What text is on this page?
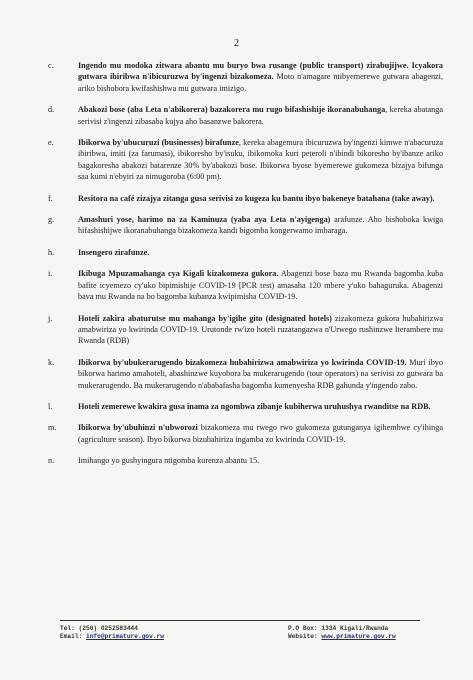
2
c.	Ingendo mu modoka zitwara abantu mu buryo bwa rusange (public transport) zirabujijwe. Icyakora gutwara ibiribwa n'ibicuruzwa by'ingenzi bizakomeza. Moto n'amagare ntibyemerewe gutwara abagenzi, ariko bishobora kwifashishwa mu gutwara imizigo.
d.	Abakozi bose (aba Leta n'abikorera) bazakorera mu rugo bifashishije ikoranabuhanga, kereka abatanga serivisi z'ingenzi zibasaba kujya aho basanzwe bakorera.
e.	Ibikorwa by'ubucuruzi (businesses) birafunze, kereka abagemura ibicuruzwa by'ingenzi kimwe n'abacuruza ibiribwa, imiti (za farumasi), ibikoresho by'isuku, ibikomoka kuri peteroli n'ibindi bikoresho by'ibanze ariko bagakoresha abakozi batarenze 30% by'abakozi bose. Ibikorwa byose byemerewe gukomeza bizajya bifunga saa kumi n'ebyiri za nimugoroba (6:00 pm).
f.	Resitora na café zizajya zitanga gusa serivisi zo kugeza ku bantu ibyo bakeneye batahana (take away).
g.	Amashuri yose, harimo na za Kaminuza (yaba aya Leta n'ayigenga) arafunze. Aho bishoboka kwiga hifashishijwe ikoranabuhanga bizakomeza kandi bigomba kongerwamo imbaraga.
h.	Insengero zirafunze.
i.	Ikibuga Mpuzamahanga cya Kigali kizakomeza gukora. Abagenzi bose baza mu Rwanda bagomba kuba bafite icyemezo cy'uko bipimishije COVID-19 [PCR test) amasaha 120 mbere y'uko bahaguruka. Abagenzi bava mu Rwanda na bo bagomba kubanza kwipimisha COVID-19.
j.	Hoteli zakira abaturutse mu mahanga by'igihe gito (designated hotels) zizakomeza gukora hubahirizwa amabwiriza yo kwirinda COVID-19. Urutonde rw'izo hoteli ruzatangazwa n'Urwego rushinzwe Iterambere mu Rwanda (RDB)
k.	Ibikorwa by'ubukerarugendo bizakomeza hubahirizwa amabwiriza yo kwirinda COVID-19. Muri ibyo bikorwa harimo amahoteli, abashinzwe kuyobora ba mukerarugendo (tour operators) na serivisi zo gutwara ba mukerarugendo. Ba mukerarugendo n'ababafasha bagomba kumenyesha RDB gahunda y'ingendo zabo.
l.	Hoteli zemerewe kwakira gusa inama za ngombwa zibanje kubiherwa uruhushya rwanditse na RDB.
m.	Ibikorwa by'ubuhinzi n'ubworozi bizakomeza mu rwego rwo gukomeza gutunganya igihembwe cy'ihinga (agriculture season). Ibyo bikorwa bizubahiriza ingamba zo kwirinda COVID-19.
n.	Imihango yo gushyingura ntigomba kurenza abantu 15.
Tel: (250) 0252583444
Email: info@primature.gov.rw
P.O Box: 1334 Kigali/Rwanda
Website: www.primature.gov.rw
